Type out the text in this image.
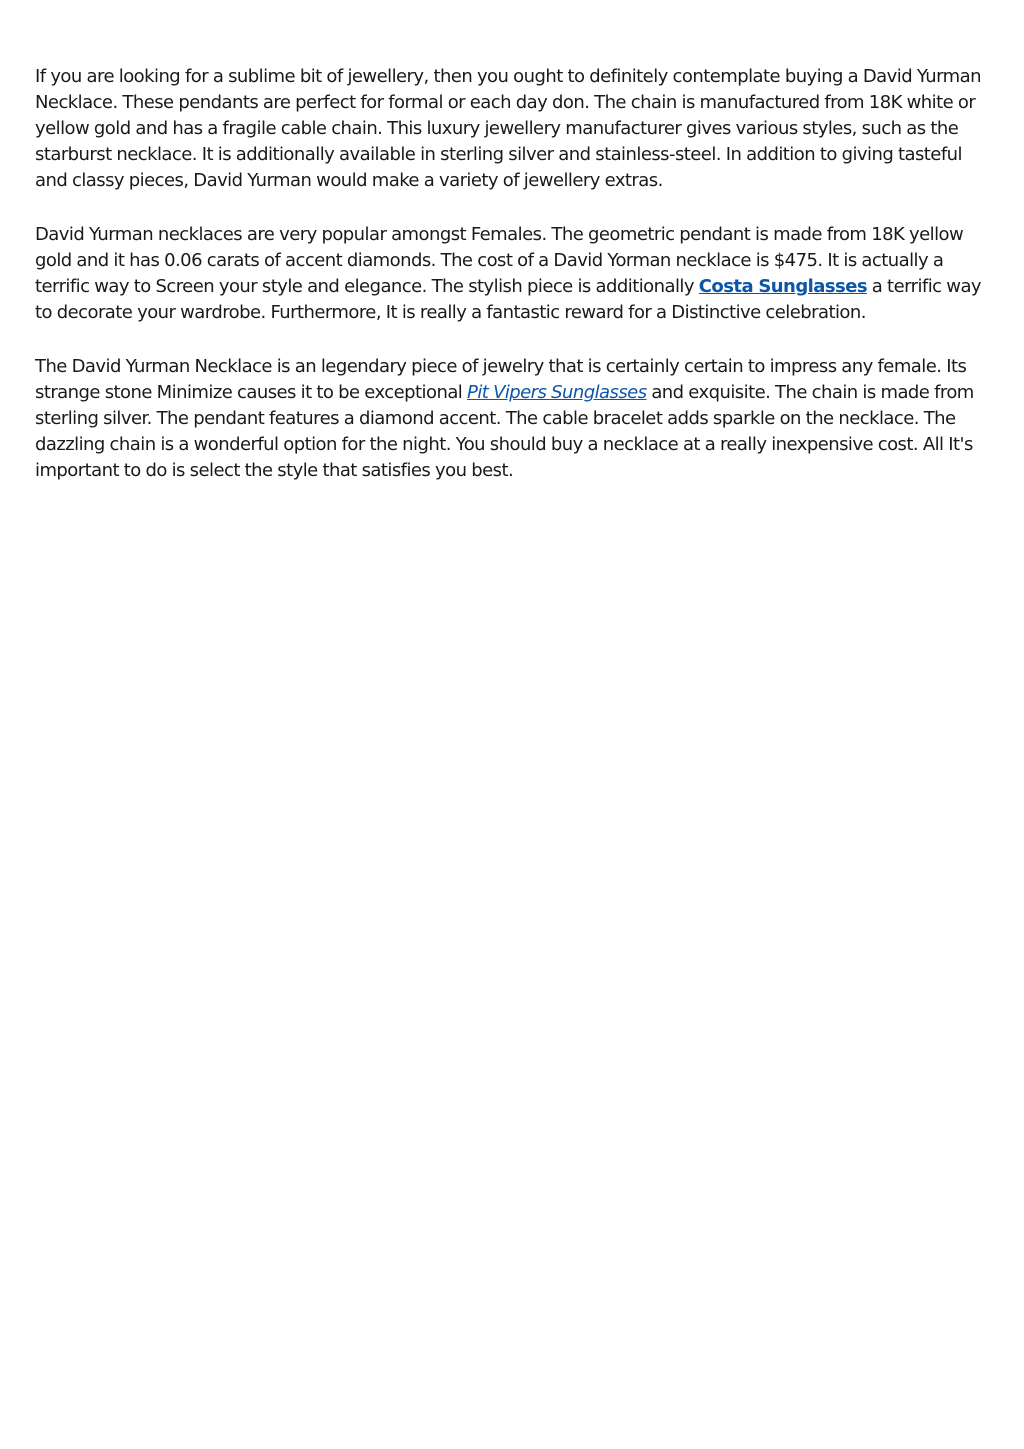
If you are looking for a sublime bit of jewellery, then you ought to definitely contemplate buying a David Yurman Necklace. These pendants are perfect for formal or each day don. The chain is manufactured from 18K white or yellow gold and has a fragile cable chain. This luxury jewellery manufacturer gives various styles, such as the starburst necklace. It is additionally available in sterling silver and stainless-steel. In addition to giving tasteful and classy pieces, David Yurman would make a variety of jewellery extras.

David Yurman necklaces are very popular amongst Females. The geometric pendant is made from 18K yellow gold and it has 0.06 carats of accent diamonds. The cost of a David Yorman necklace is $475. It is actually a terrific way to Screen your style and elegance. The stylish piece is additionally Costa Sunglasses a terrific way to decorate your wardrobe. Furthermore, It is really a fantastic reward for a Distinctive celebration.

The David Yurman Necklace is an legendary piece of jewelry that is certainly certain to impress any female. Its strange stone Minimize causes it to be exceptional Pit Vipers Sunglasses and exquisite. The chain is made from sterling silver. The pendant features a diamond accent. The cable bracelet adds sparkle on the necklace. The dazzling chain is a wonderful option for the night. You should buy a necklace at a really inexpensive cost. All It's important to do is select the style that satisfies you best.
